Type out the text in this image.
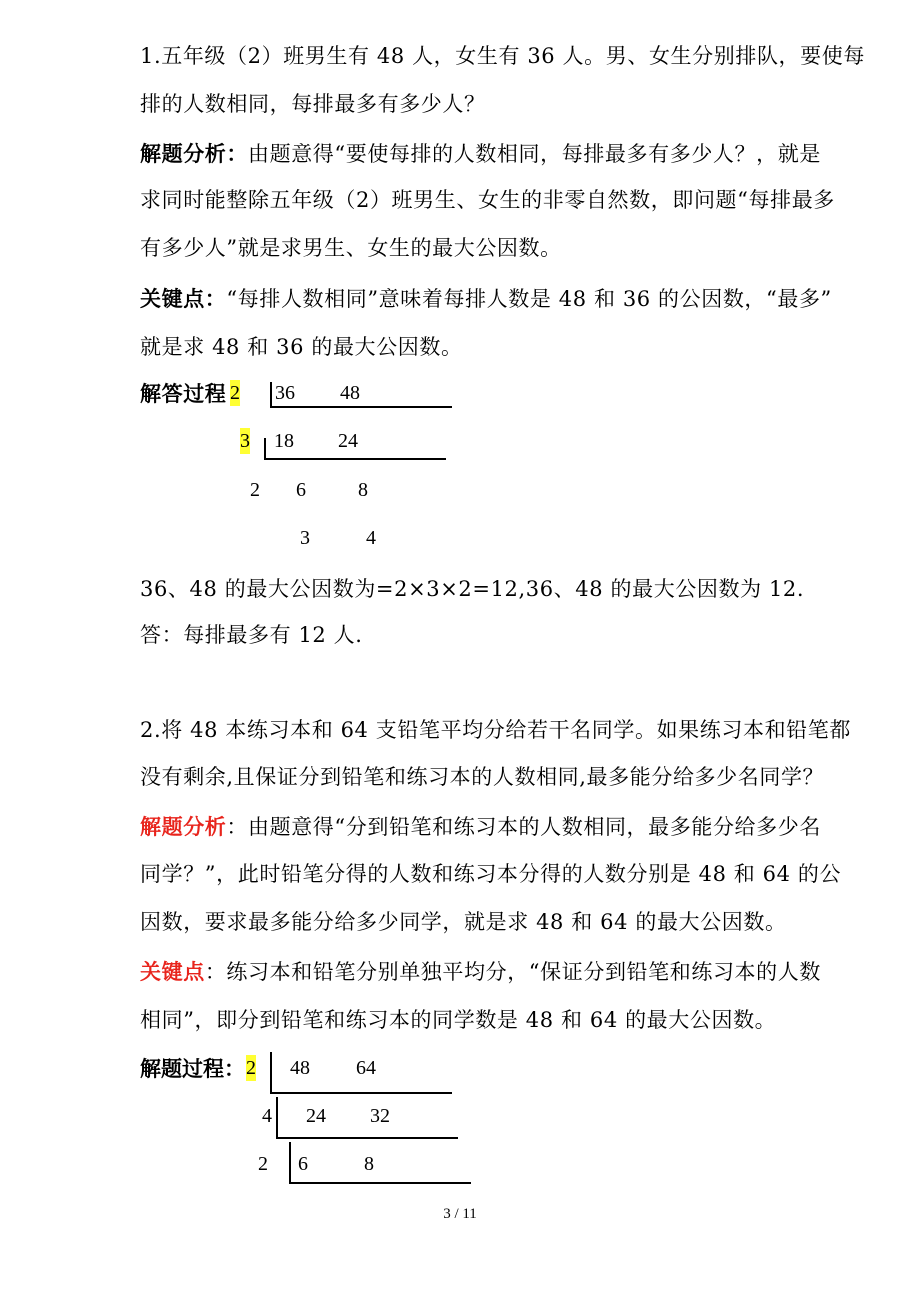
1.五年级（2）班男生有 48 人，女生有 36 人。男、女生分别排队，要使每
排的人数相同，每排最多有多少人？
解题分析：由题意得“要使每排的人数相同，每排最多有多少人？，就是
求同时能整除五年级（2）班男生、女生的非零自然数，即问题“每排最多
有多少人”就是求男生、女生的最大公因数。
关键点：“每排人数相同”意味着每排人数是 48 和 36 的公因数，“最多”
就是求 48 和 36 的最大公因数。
解答过程 2 36 48
3 18 24
2 6	8
3	4
36、48 的最大公因数为=2×3×2=12,36、48 的最大公因数为 12.
答：每排最多有 12 人.
2.将 48 本练习本和 64 支铅笔平均分给若干名同学。如果练习本和铅笔都
没有剩余,且保证分到铅笔和练习本的人数相同,最多能分给多少名同学？
解题分析：由题意得“分到铅笔和练习本的人数相同，最多能分给多少名
同学？”，此时铅笔分得的人数和练习本分得的人数分别是 48 和 64 的公
因数，要求最多能分给多少同学，就是求 48 和 64 的最大公因数。
关键点：练习本和铅笔分别单独平均分，“保证分到铅笔和练习本的人数
相同”，即分到铅笔和练习本的同学数是 48 和 64 的最大公因数。
解题过程： 2 48 64
4 24 32
2 6	8
3 / 11
